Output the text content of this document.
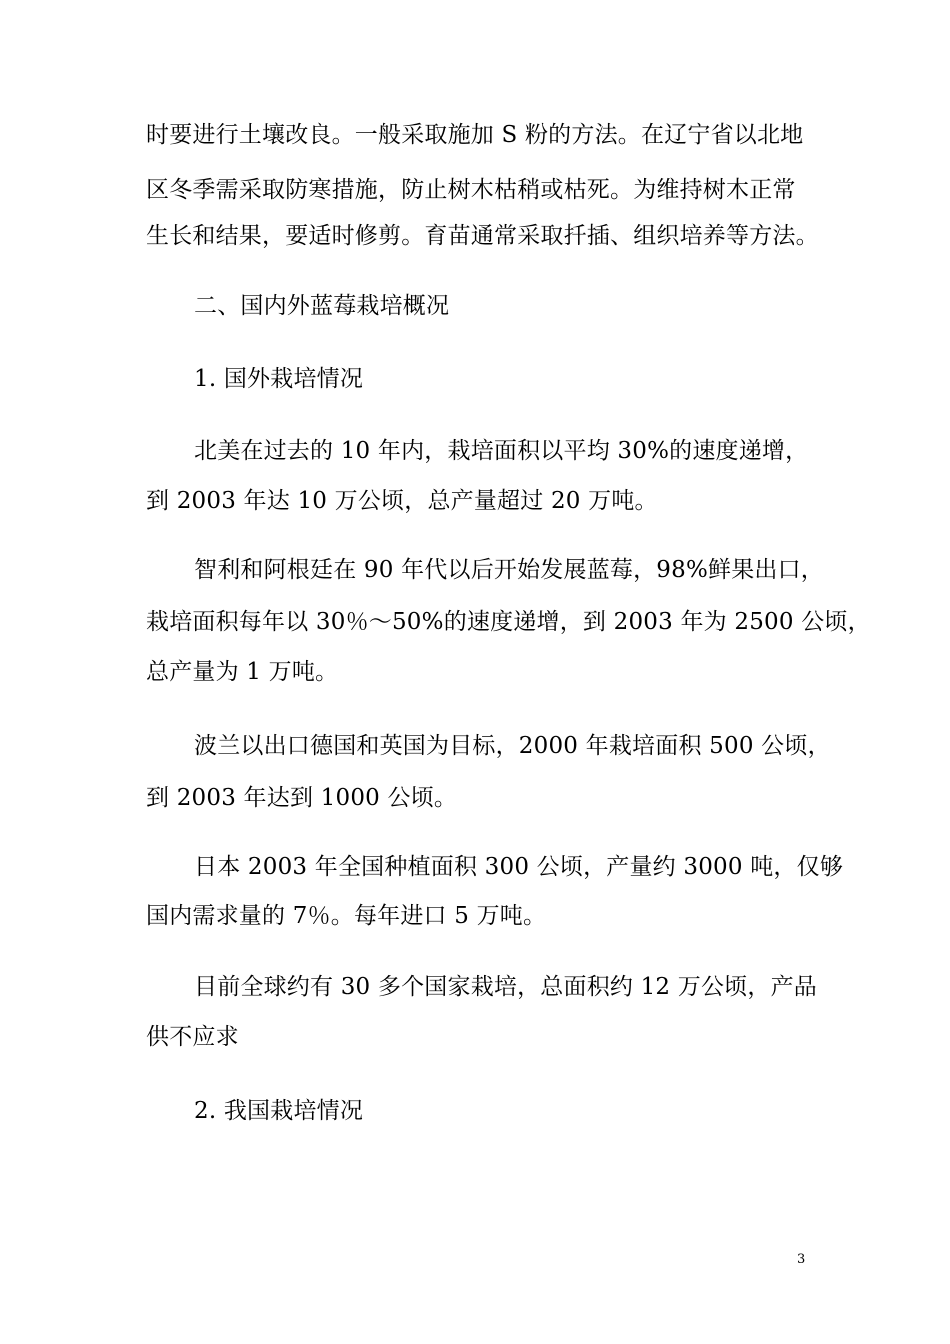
时要进行土壤改良。一般采取施加 S 粉的方法。在辽宁省以北地
区冬季需采取防寒措施，防止树木枯稍或枯死。为维持树木正常
生长和结果，要适时修剪。育苗通常采取扦插、组织培养等方法。
二、国内外蓝莓栽培概况
1. 国外栽培情况
北美在过去的 10 年内，栽培面积以平均 30%的速度递增，
到 2003 年达 10 万公顷，总产量超过 20 万吨。
智利和阿根廷在 90 年代以后开始发展蓝莓，98%鲜果出口，
栽培面积每年以 30％～50%的速度递增，到 2003 年为 2500 公顷，
总产量为 1 万吨。
波兰以出口德国和英国为目标，2000 年栽培面积 500 公顷，
到 2003 年达到 1000 公顷。
日本 2003 年全国种植面积 300 公顷，产量约 3000 吨，仅够
国内需求量的 7％。每年进口 5 万吨。
目前全球约有 30 多个国家栽培，总面积约 12 万公顷，产品
供不应求
2. 我国栽培情况
3
